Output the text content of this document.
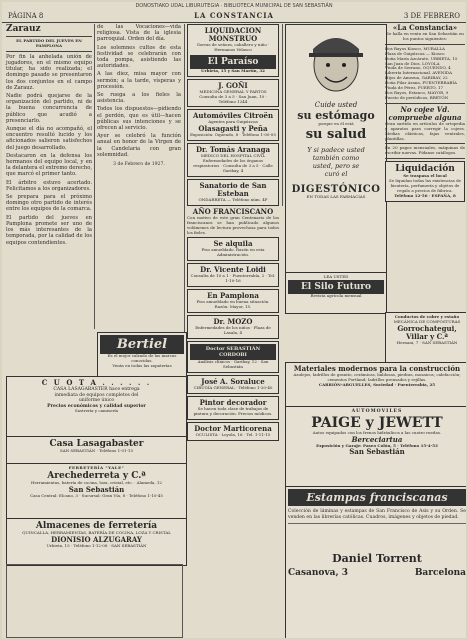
DONOSTIAKO UDAL LIBURUTEGIA · BIBLIOTECA MUNICIPAL DE SAN SEBASTIÁN
PÁGINA 8	LA CONSTANCIA	3 DE FEBRERO
Zarauz
EL PARTIDO DEL JUEVES EN PAMPLONA

Por fin la anhelada unión de jugadores, en el mismo equipo titular, ha sido realizada; el domingo pasado se presentaron los dos conjuntos en el campo de Zarauz.

Nadie podrá quejarse de la organización del partido, ni de la buena concurrencia de público que acudió a presenciarlo.

Aunque el día no acompañó, el encuentro resultó lucido y los aficionados salieron satisfechos del juego desarrollado.

Destacaron en la defensa los hermanos del equipo local, y en la delantera el extremo derecho, que marcó el primer tanto.

El árbitro estuvo acertado. Felicitamos a los organizadores.

Se prepara para el próximo domingo otro partido de interés entre los equipos de la comarca.

El partido del jueves en Pamplona promete ser uno de los más interesantes de la temporada, por la calidad de los equipos contendientes.

de las Vocaciones—vida religiosa. Vista de la iglesia parroquial. Orden del día.

Los solemnes cultos de esta festividad se celebrarán con toda pompa, asistiendo las autoridades.

A las diez, misa mayor con sermón; a la tarde, vísperas y procesión.

Se ruega a los fieles la asistencia.

Todos los dispuestos—pidiendo el perdón, que es útil—hacen públicas sus intenciones y se ofrecen al servicio.

Ayer se celebró la función anual en honor de la Virgen de la Candelaria con gran solemnidad.

3 de Febrero de 1927.
LIQUIDACION MONSTRUO
Gorras de señora, caballero y niño · Hermanos Velasco
El Paraíso
Urbieta, 15 y San Martín, 32
J. GOÑI
MEDICINA GENERAL Y PARTOS
Consulta de 3 a 5 · San Juan, 10 · Teléfono 1244
Automóviles Citroën
Agentes para Guipúzcoa
Olasagasti y Peña
Exposición: Oquendo, 8 · Teléfono 1-00-05
Dr. Tomás Aranaga
MEDICO DEL HOSPITAL CIVIL
Enfermedades de los órganos respiratorios · Consulta de 3 a 5 · Calle Garibay, 4
Sanatorio de San Esteban
ONDARRETA — Teléfono núm. 4P
AÑO FRANCISCANO
Con motivo de este gran Centenario de los franciscanos se han publicado algunos volúmenes de lectura provechosa para todos los fieles.
Se alquila
Piso amueblado. Razón en esta Administración.
Dr. Vicente Loidi
Consulta de 10 a 1 · Fuenterrabía, 2 · Tel. 1-10-16
En Pamplona
Piso amueblado en buena situación. Razón: Mayor, 15.
Dr. MOZO
Enfermedades de los niños · Plaza de Lasala, 4
Doctor SEBASTIÁN CORDOBI
Análisis clínicos · Garibay, 12 · San Sebastián
José A. Soraluce
CIRUGÍA GENERAL · Teléfono 1-20-40
Pintor decorador
Se hacen toda clase de trabajos de pintura y decoración. Precios módicos.
Doctor Marticorena
OCULISTA · Loyola, 16 · Tel. 1-11-15
Cuide usted
su estómago
porque en él está
su salud
Y si padece usted
también como
usted, pero se
curó el
DIGESTÓNICO
EN TODAS LAS FARMACIAS
LEA USTED
El Silo Futuro
Revista agrícola mensual
«La Constancia»
Se halla en venta en San Sebastián en los puntos siguientes:
Dos Rayos Kiosco, MURALLA
Plaza de Guipúzcoa — Kiosco
Doña María Azcárate, URBIETA, 15
San Juan de Dios, LOYOLA
Viuda de Serrano, OQUENDO, 4
Librería Internacional, AVENIDA
Hijos de Amezua, GARIBAY, 22
Doña Pilar Arana, FUENTERRABÍA
Viuda de Pérez, PUERTO, 17
Dos Rayos, Estanco, MAYOR, 9
Puesto de periódicos, BRETÓN
No cojee Vd. compruebe alguna
Gran surtido en artículos de ortopedia y aparatos para corregir la cojera. Medias elásticas, fajas ventrales, plantillas.
En 20 pagos mensuales, máquinas de escribir nuevas. Pídanse catálogos.
Liquidación
Se traspasa el local
Se liquidan todas las existencias de bisutería, perfumería y objetos de regalo a precios de fábrica.
Teléfono 12-56 · ESPAÑA, 8
Conductos de cobre y estaño
MECÁNICA DE COMPOSTURAS
Gorrochategui, Villar y C.ª
Hernani, 7 · SAN SEBASTIÁN
Bertiel
Es el mejor calzado de las marcas conocidas.
Venta en todas las zapaterías
C U O T A . . . . . .
CASA LASAGABASTER hace entrega
inmediata de equipos completos del
uniforme único
Precios económicos y calidad superior
Sastrería y camisería
Casa Lasagabaster
SAN SEBASTIÁN · Teléfono 1-01-15
FERRETERÍA "YALE"
Arechederreta y C.ª
Herramientas, batería de cocina, loza, cristal, etc. · Alameda, 12
San Sebastián
Casa Central: Elcano, 3 · Sucursal: Gran Vía, 8 · Teléfono 1-10-45
Almacenes de ferretería
QUINCALLA, HERRAMIENTAS, BATERÍA DE COCINA, LOZA Y CRISTAL
DIONISIO ALZUGARAY
Urbieta, 15 · Teléfono 1-12-08 · SAN SEBASTIÁN
Materiales modernos para la construcción
Azulejos, ladrillos de granito, cerámicas, baldosas, piedras, mosaicos; calefacción; cementos Portland; ladrillos prensados y rejillas.
CARRIÓN-ARGUELLES, Sociedad · Fuenterrabía, 25
AUTOMOVILES
PAIGE y JEWETT
Autos equipados con los frenos hidráulicos a las cuatro ruedas.
Berceciartua
Exposición y Garaje: Paseo Colón, 5 · Teléfono 15-4-53
San Sebastián
Estampas franciscanas
Colección de láminas y estampas de San Francisco de Asís y su Orden. Se venden en las librerías católicas. Cuadros, imágenes y objetos de piedad.
Daniel Torrent
Casanova, 3	Barcelona
